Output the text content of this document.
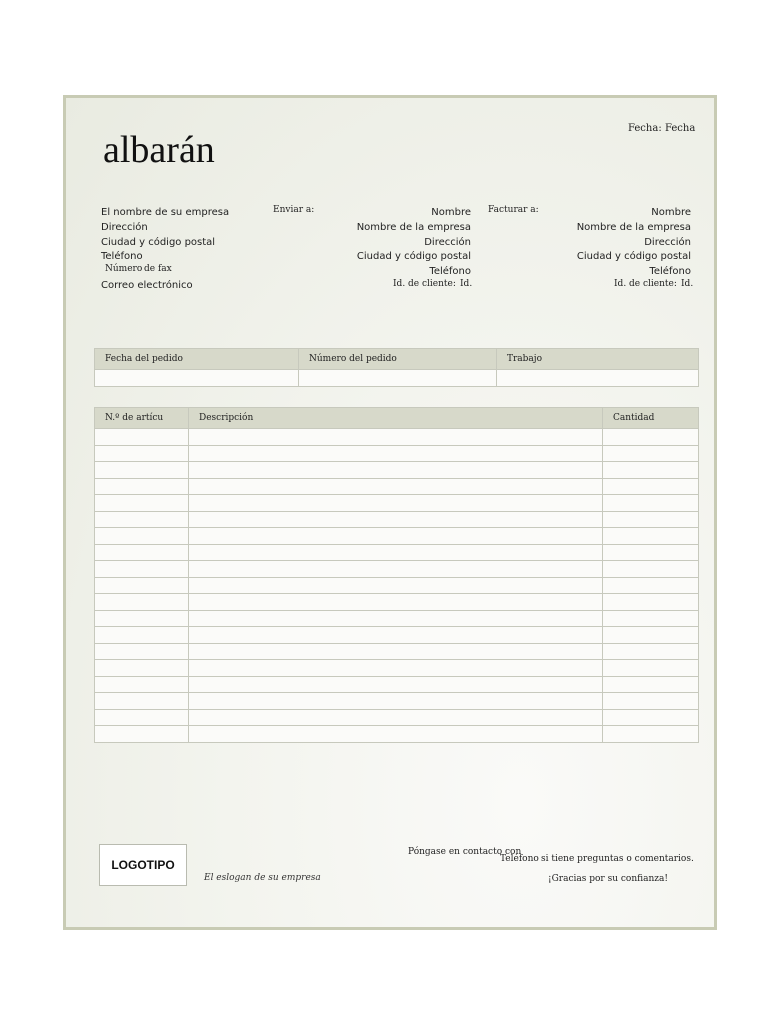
albarán
Fecha: Fecha
El nombre de su empresa
Dirección
Ciudad y código postal
Teléfono
Número de fax
Correo electrónico
Enviar a:	Nombre
Nombre de la empresa
Dirección
Ciudad y código postal
Teléfono
Id. de cliente: Id.
Facturar a:	Nombre
Nombre de la empresa
Dirección
Ciudad y código postal
Teléfono
Id. de cliente: Id.
Fecha del pedido	Número del pedido	Trabajo

N.º de artícu	Descripción	Cantidad

LOGOTIPO
El eslogan de su empresa
Póngase en contacto con
Teléfono si tiene preguntas o comentarios.
¡Gracias por su confianza!
